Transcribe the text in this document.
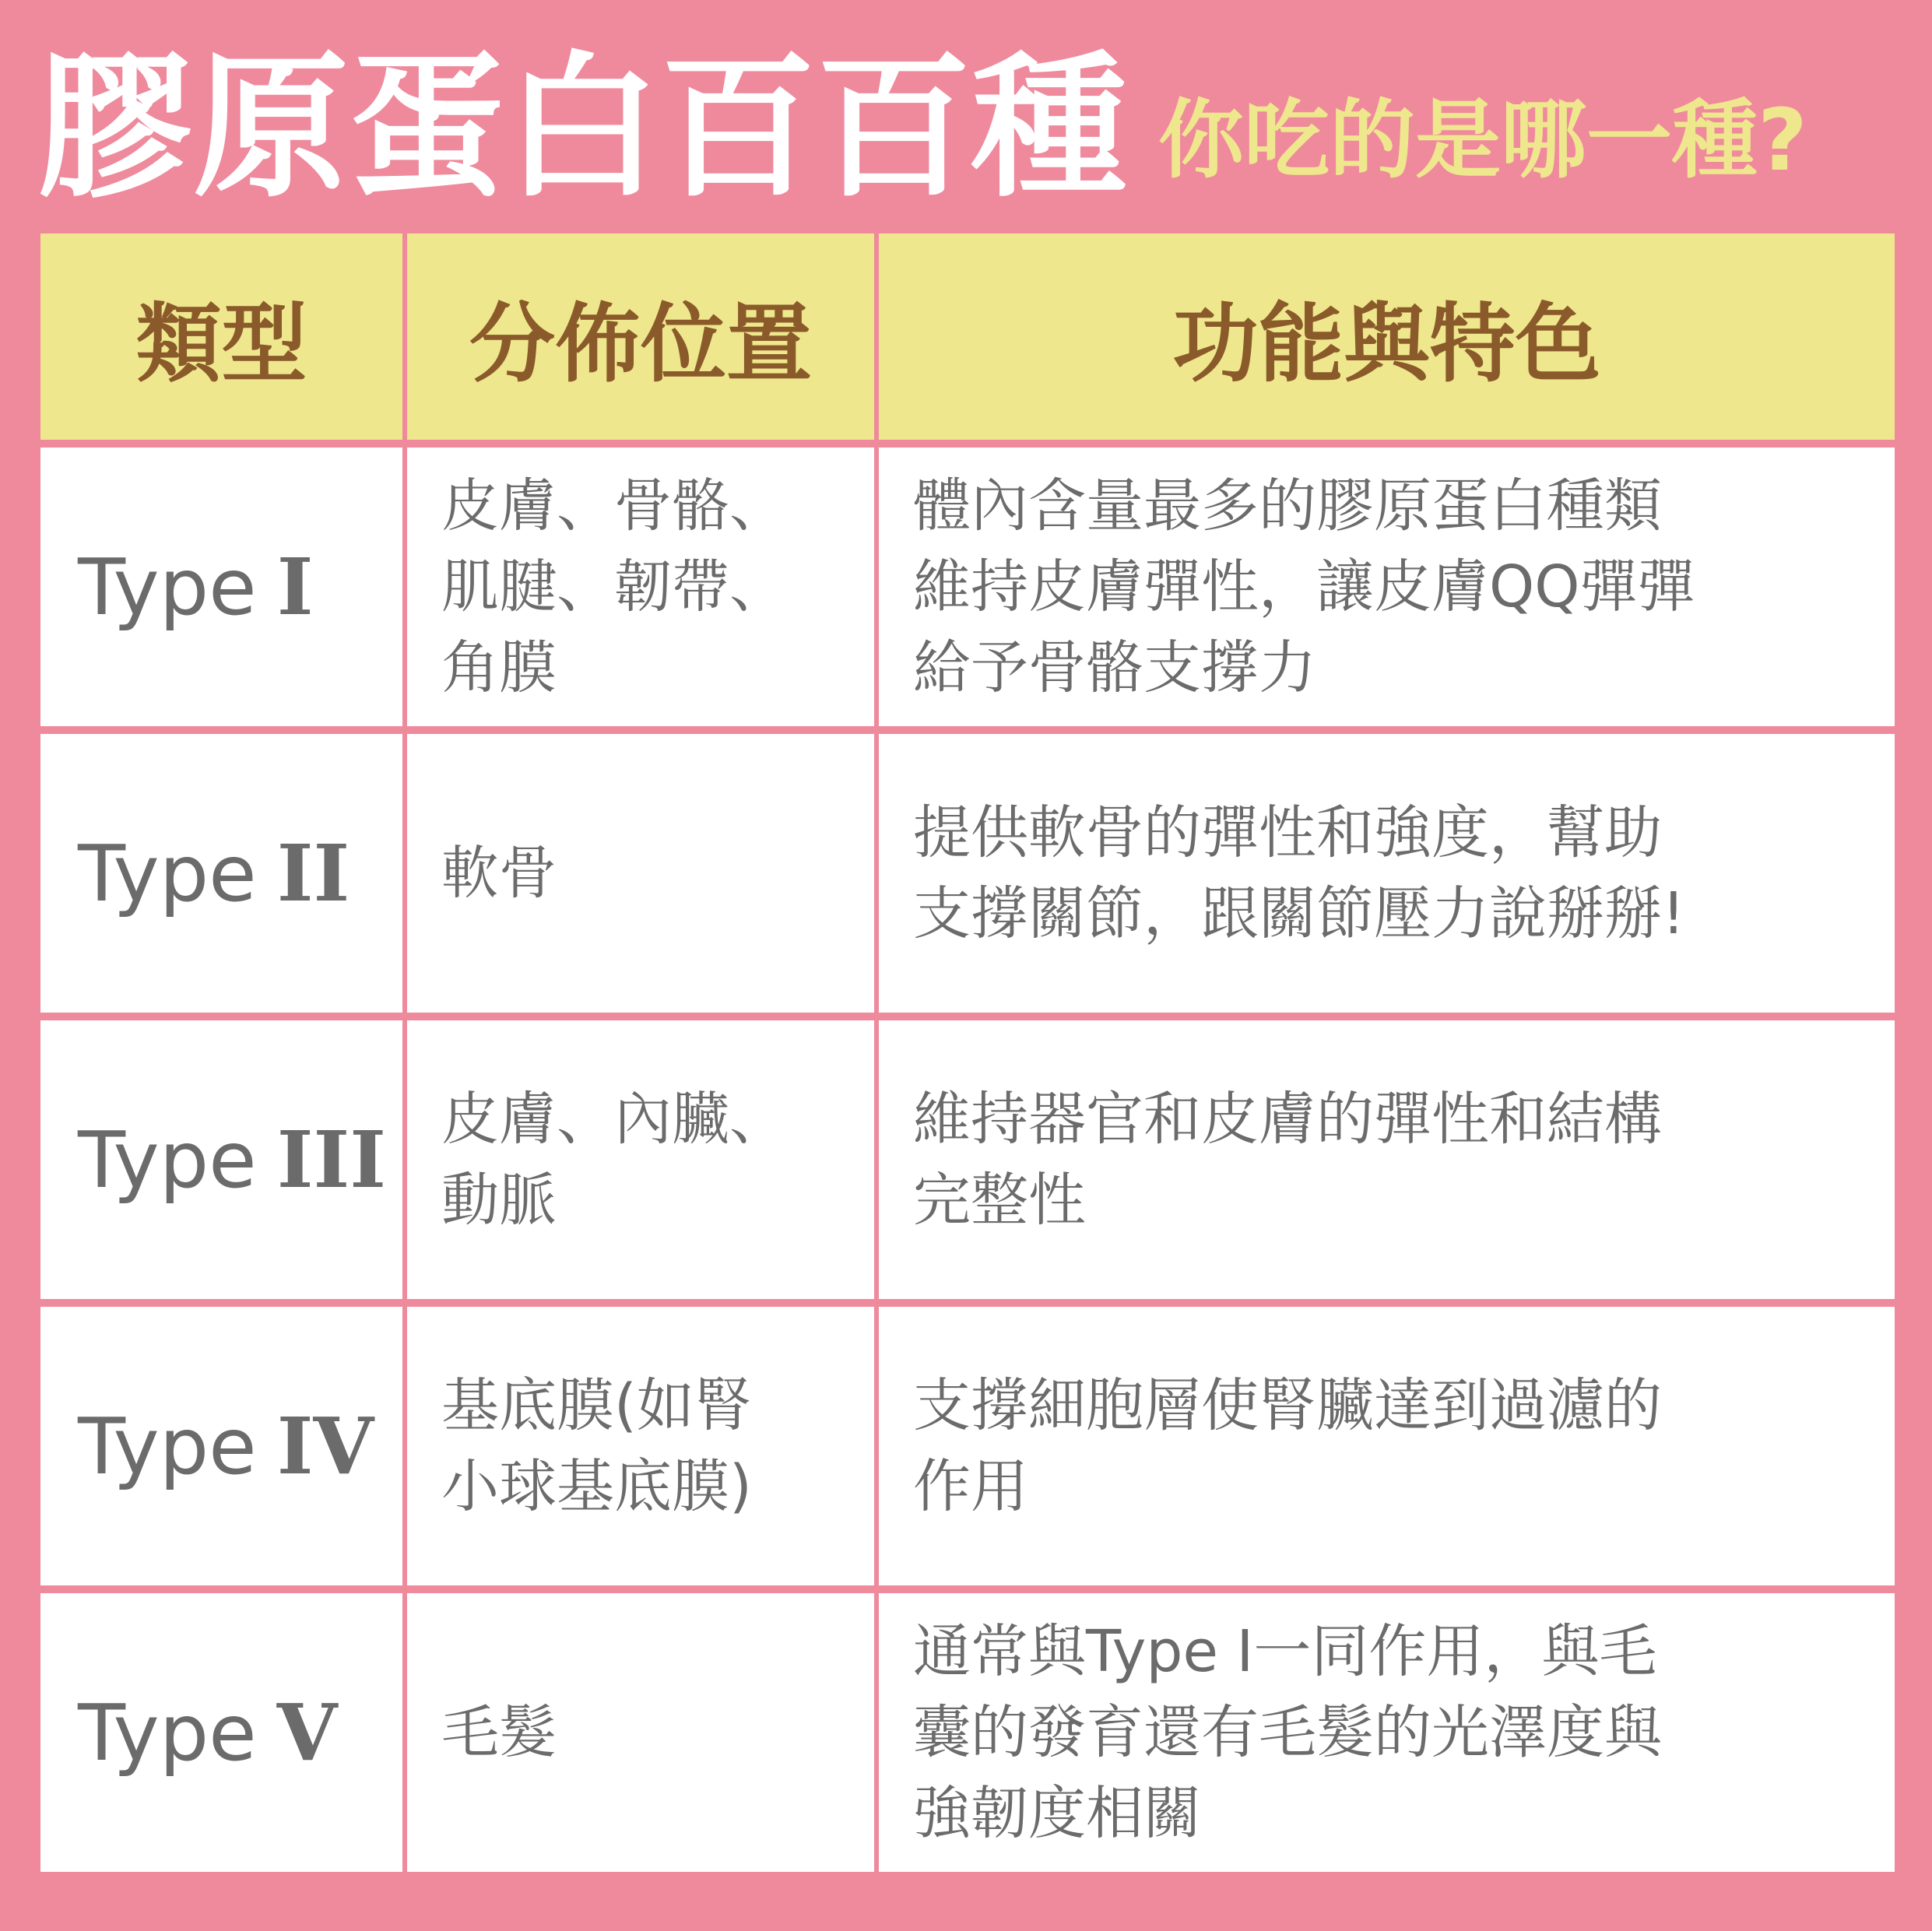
膠原蛋白百百種 你吃的是哪一種?
類型	分佈位置	功能與特色
Type I
皮膚、骨骼、
肌腱、韌帶、
角膜
體內含量最多的膠原蛋白種類
維持皮膚彈性，讓皮膚QQ彈彈
給予骨骼支撐力
Type II 軟骨
提供軟骨的彈性和強度，幫助
支撐關節，跟關節壓力說掰掰!
Type III 皮膚、內臟、
動脈
維持器官和皮膚的彈性和結構
完整性
Type IV 基底膜(如腎
小球基底膜)
支撐細胞層使腎臟達到過濾的
作用
Type V 毛髮
通常與Type I一同作用，與毛
囊的發育還有毛髮的光澤度與
強韌度相關
